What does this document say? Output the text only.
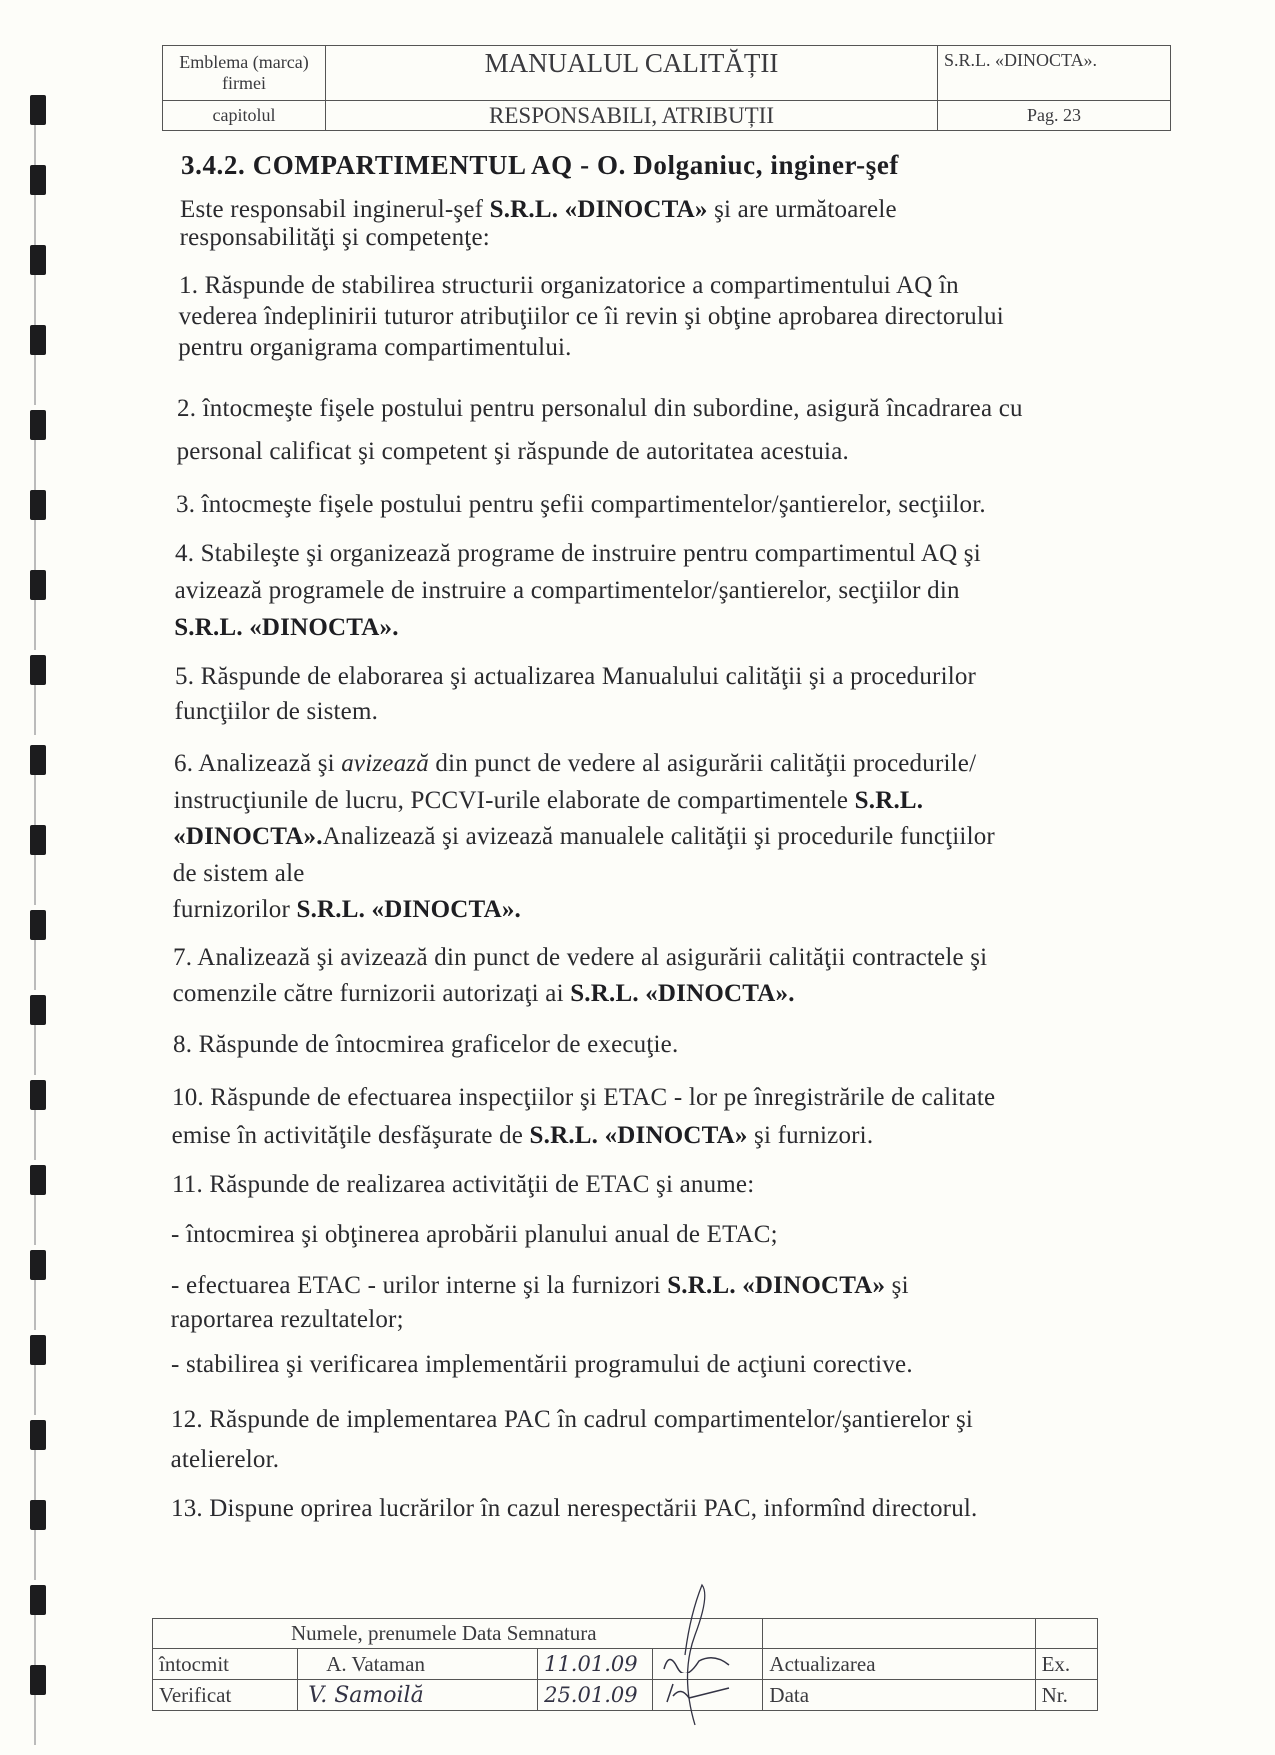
Emblema (marca) firmei	MANUALUL CALITĂȚII	S.R.L. «DINOCTA».
capitolul	RESPONSABILI, ATRIBUȚII	Pag. 23
3.4.2. COMPARTIMENTUL AQ - O. Dolganiuc, inginer-şef
Este responsabil inginerul-şef S.R.L. «DINOCTA» şi are următoarele
responsabilităţi şi competenţe:
1. Răspunde de stabilirea structurii organizatorice a compartimentului AQ în
vederea îndeplinirii tuturor atribuţiilor ce îi revin şi obţine aprobarea directorului
pentru organigrama compartimentului.
2. întocmeşte fişele postului pentru personalul din subordine, asigură încadrarea cu
personal calificat şi competent şi răspunde de autoritatea acestuia.
3. întocmeşte fişele postului pentru şefii compartimentelor/şantierelor, secţiilor.
4. Stabileşte şi organizează programe de instruire pentru compartimentul AQ şi
avizează programele de instruire a compartimentelor/şantierelor, secţiilor din
S.R.L. «DINOCTA».
5. Răspunde de elaborarea şi actualizarea Manualului calităţii şi a procedurilor
funcţiilor de sistem.
6. Analizează şi avizează din punct de vedere al asigurării calităţii procedurile/
instrucţiunile de lucru, PCCVI-urile elaborate de compartimentele S.R.L.
«DINOCTA».Analizează şi avizează manualele calităţii şi procedurile funcţiilor
de sistem ale
furnizorilor S.R.L. «DINOCTA».
7. Analizează şi avizează din punct de vedere al asigurării calităţii contractele şi
comenzile către furnizorii autorizaţi ai S.R.L. «DINOCTA».
8. Răspunde de întocmirea graficelor de execuţie.
10. Răspunde de efectuarea inspecţiilor şi ETAC - lor pe înregistrările de calitate
emise în activităţile desfăşurate de S.R.L. «DINOCTA» şi furnizori.
11. Răspunde de realizarea activităţii de ETAC şi anume:
- întocmirea şi obţinerea aprobării planului anual de ETAC;
- efectuarea ETAC - urilor interne şi la furnizori S.R.L. «DINOCTA» şi
raportarea rezultatelor;
- stabilirea şi verificarea implementării programului de acţiuni corective.
12. Răspunde de implementarea PAC în cadrul compartimentelor/şantierelor şi
atelierelor.
13. Dispune oprirea lucrărilor în cazul nerespectării PAC, informînd directorul.
Numele, prenumele Data Semnatura					
întocmit	A. Vataman	11.01.09		Actualizarea	Ex.
Verificat	V. Samoilă	25.01.09		Data	Nr.
